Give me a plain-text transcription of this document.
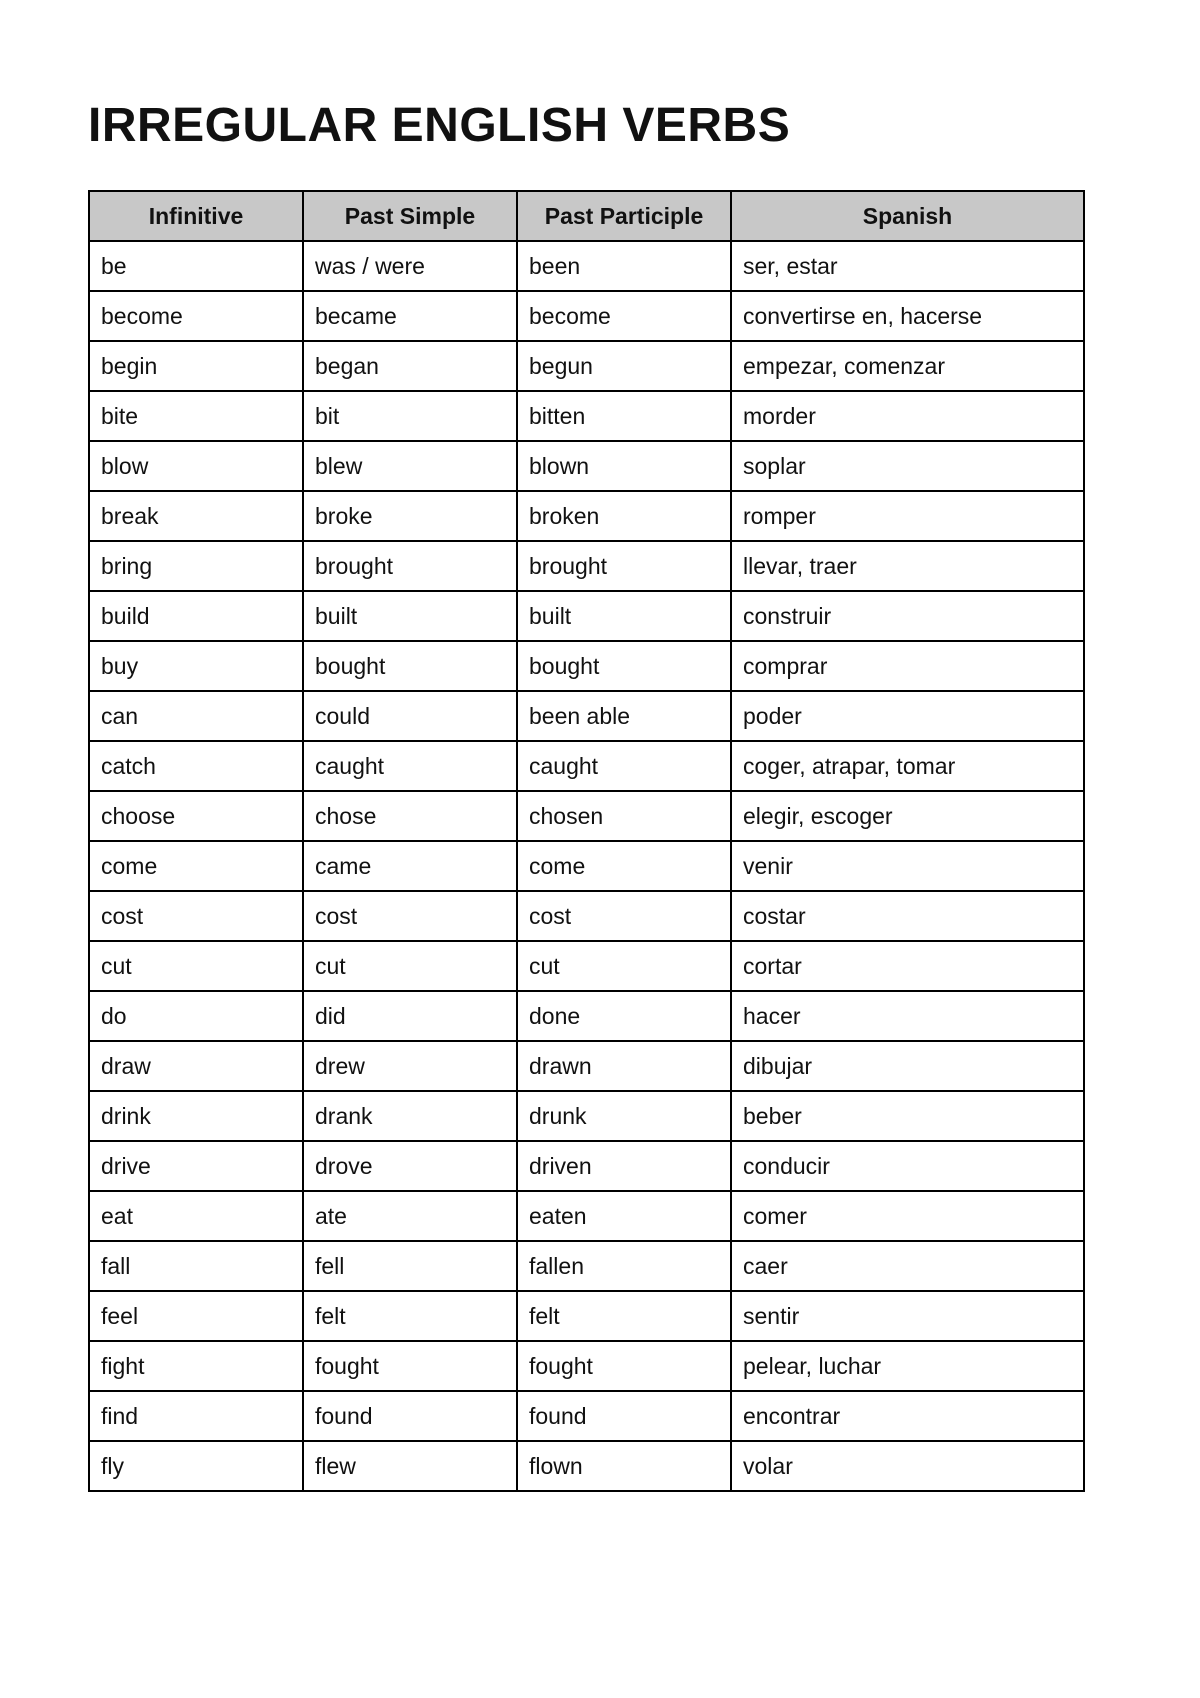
IRREGULAR ENGLISH VERBS
Infinitive	Past Simple	Past Participle	Spanish
be	was / were	been	ser, estar
become	became	become	convertirse en, hacerse
begin	began	begun	empezar, comenzar
bite	bit	bitten	morder
blow	blew	blown	soplar
break	broke	broken	romper
bring	brought	brought	llevar, traer
build	built	built	construir
buy	bought	bought	comprar
can	could	been able	poder
catch	caught	caught	coger, atrapar, tomar
choose	chose	chosen	elegir, escoger
come	came	come	venir
cost	cost	cost	costar
cut	cut	cut	cortar
do	did	done	hacer
draw	drew	drawn	dibujar
drink	drank	drunk	beber
drive	drove	driven	conducir
eat	ate	eaten	comer
fall	fell	fallen	caer
feel	felt	felt	sentir
fight	fought	fought	pelear, luchar
find	found	found	encontrar
fly	flew	flown	volar
